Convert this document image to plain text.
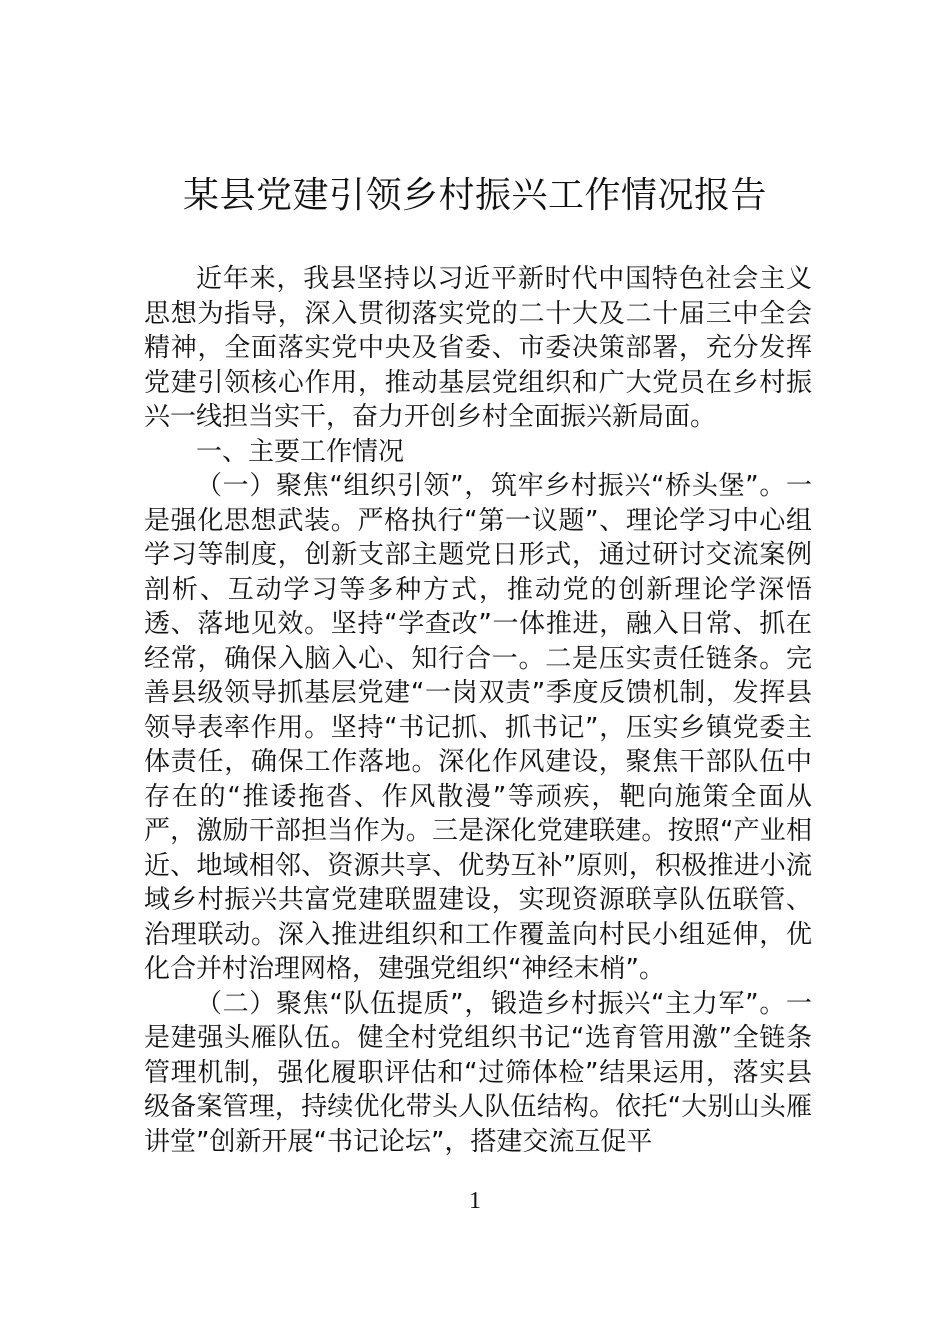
某县党建引领乡村振兴工作情况报告

近年来，我县坚持以习近平新时代中国特色社会主义思想为指导，深入贯彻落实党的二十大及二十届三中全会精神，全面落实党中央及省委、市委决策部署，充分发挥党建引领核心作用，推动基层党组织和广大党员在乡村振兴一线担当实干，奋力开创乡村全面振兴新局面。

一、主要工作情况

（一）聚焦“组织引领”，筑牢乡村振兴“桥头堡”。一是强化思想武装。严格执行“第一议题”、理论学习中心组学习等制度，创新支部主题党日形式，通过研讨交流案例剖析、互动学习等多种方式，推动党的创新理论学深悟透、落地见效。坚持“学查改”一体推进，融入日常、抓在经常，确保入脑入心、知行合一。二是压实责任链条。完善县级领导抓基层党建“一岗双责”季度反馈机制，发挥县领导表率作用。坚持“书记抓、抓书记”，压实乡镇党委主体责任，确保工作落地。深化作风建设，聚焦干部队伍中存在的“推诿拖沓、作风散漫”等顽疾，靶向施策全面从严，激励干部担当作为。三是深化党建联建。按照“产业相近、地域相邻、资源共享、优势互补”原则，积极推进小流域乡村振兴共富党建联盟建设，实现资源联享队伍联管、治理联动。深入推进组织和工作覆盖向村民小组延伸，优化合并村治理网格，建强党组织“神经末梢”。

（二）聚焦“队伍提质”，锻造乡村振兴“主力军”。一是建强头雁队伍。健全村党组织书记“选育管用激”全链条管理机制，强化履职评估和“过筛体检”结果运用，落实县级备案管理，持续优化带头人队伍结构。依托“大别山头雁讲堂”创新开展“书记论坛”，搭建交流互促平

1
